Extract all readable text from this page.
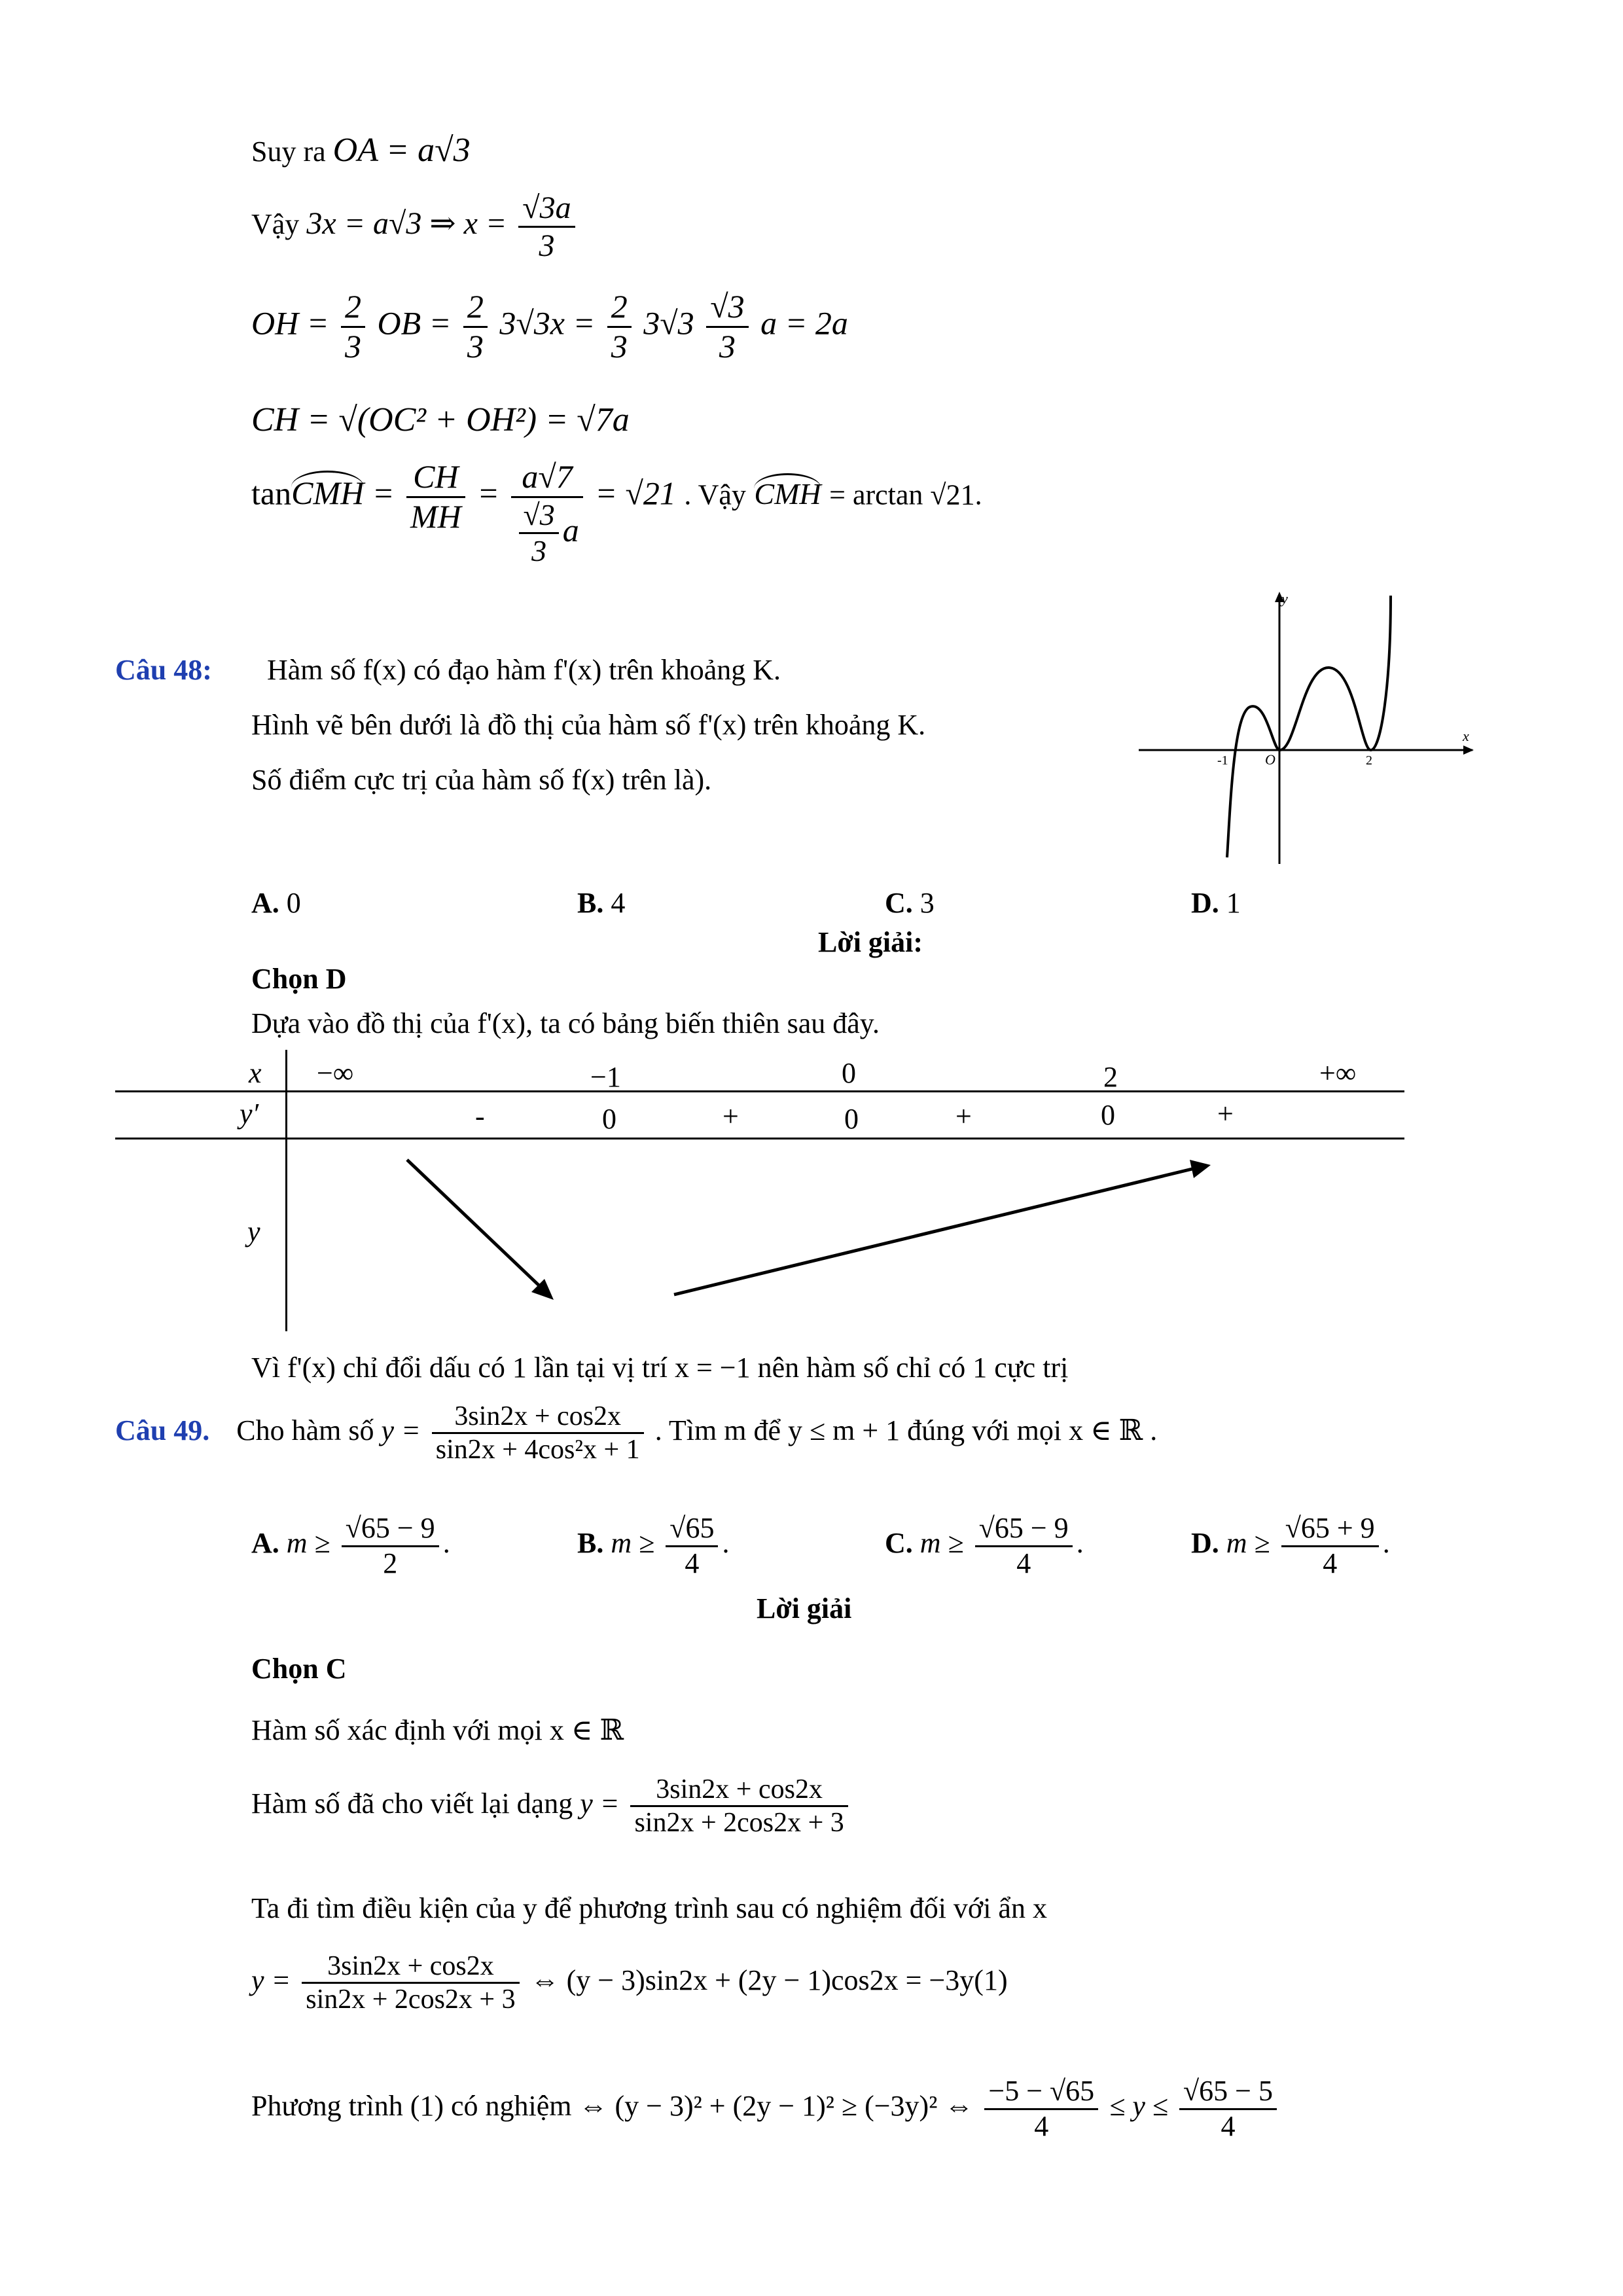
Suy ra OA = a√3
Vậy 3x = a√3 ⇒ $x = \frac{√3a}{3}$
OH = $\frac{2}{3}$ OB = $\frac{2}{3} 3√3x = \frac{2}{3} 3√3 \frac{√3}{3}$ a = 2a
CH = √(OC² + OH²) = √7a
tanCMH = $\frac{CH}{MH} = \frac{a√7}{\frac{√3}{3} a} = √21$ . Vậy CMH = arctan √21.
Câu 48: Hàm số f(x) có đạo hàm f'(x) trên khoảng K.
Hình vẽ bên dưới là đồ thị của hàm số f'(x) trên khoảng K.
Số điểm cực trị của hàm số f(x) trên là).
y
x
-1	O	2
A. 0	B. 4	C. 3	D. 1
Lời giải:
Chọn D
Dựa vào đồ thị của f'(x), ta có bảng biến thiên sau đây.
x −∞	−1	0	2	+∞
y′	-	0	+	0	+	0	+
y
Vì f'(x) chỉ đổi dấu có 1 lần tại vị trí x = −1 nên hàm số chỉ có 1 cực trị
Câu 49. Cho hàm số $y = \frac{3\sin 2x + \cos 2x}{\text{sin2x + 4cos²x + 1}}$ . Tìm m để y ≤ m + 1 đúng với mọi x ∈ ℝ .
A. $m \ge \frac{√65 - 9}{2}$ .	B. $m \ge \frac{√65}{4}$ .	C. $m \ge \frac{√65 - 9}{4}$ .	D. $m \ge \frac{√65 + 9}{4}$ .
Lời giải
Chọn C
Hàm số xác định với mọi x ∈ ℝ
Hàm số đã cho viết lại dạng $y = \frac{3\sin 2x + \cos 2x}{\sin 2x + 2\cos 2x + 3}$
Ta đi tìm điều kiện của y để phương trình sau có nghiệm đối với ẩn x
$y = \frac{3\sin 2x + \cos 2x}{\sin 2x + 2\cos 2x + 3}$ ⇔ (y − 3)sin2x + (2y − 1)cos2x = −3y(1)
Phương trình (1) có nghiệm ⇔ (y − 3)² + (2y − 1)² ≥ (−3y)² ⇔ $\frac{-5 - √65}{4} \le y \le \frac{√65 - 5}{4}$
